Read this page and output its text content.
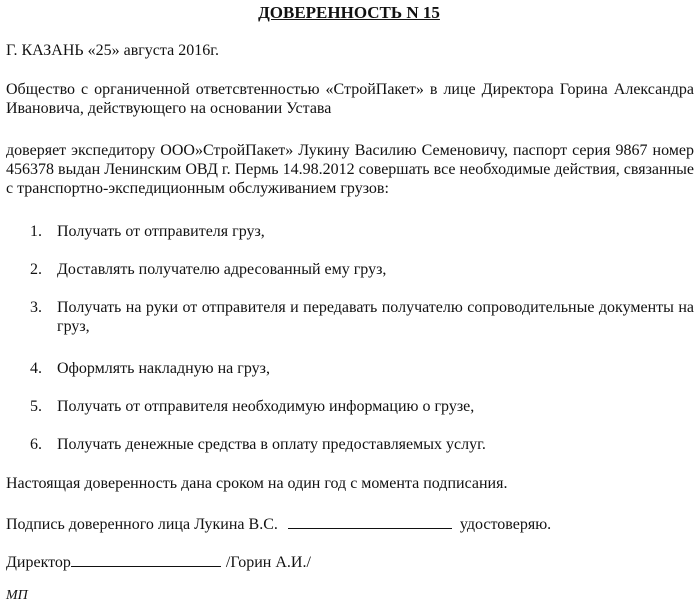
ДОВЕРЕННОСТЬ N 15
Г. КАЗАНЬ «25» августа 2016г.
Общество с органиченной ответсвтенностью «СтройПакет» в лице Директора Горина Александра Ивановича, действующего на основании Устава
доверяет экспедитору ООО»СтройПакет» Лукину Василию Семеновичу, паспорт серия 9867 номер 456378 выдан Ленинским ОВД г. Пермь 14.98.2012 совершать все необходимые действия, связанные с транспортно-экспедиционным обслуживанием грузов:
1. Получать от отправителя груз,
2. Доставлять получателю адресованный ему груз,
3. Получать на руки от отправителя и передавать получателю сопроводительные документы на груз,
4. Оформлять накладную на груз,
5. Получать от отправителя необходимую информацию о грузе,
6. Получать денежные средства в оплату предоставляемых услуг.
Настоящая доверенность дана сроком на один год с момента подписания.
Подпись доверенного лица Лукина В.С.	удостоверяю.
Директор	/Горин А.И./
МП
